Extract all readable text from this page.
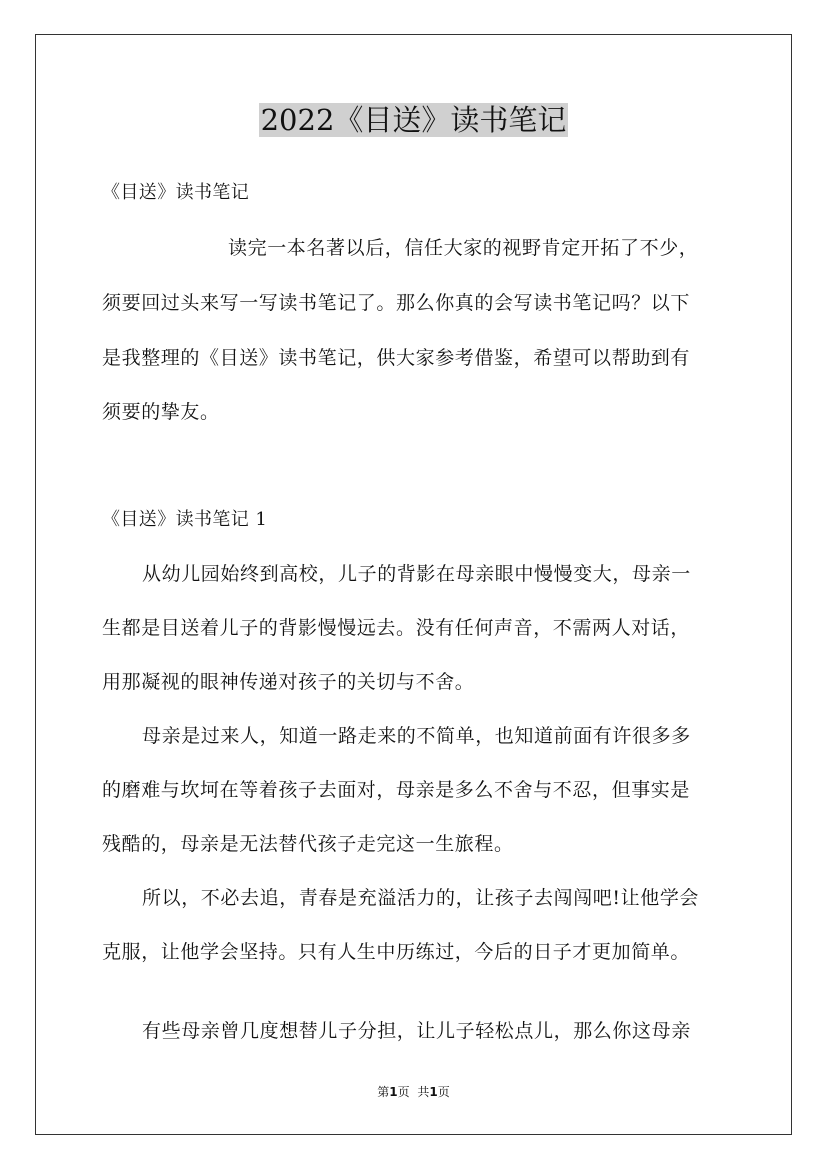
2022《目送》读书笔记
《目送》读书笔记
读完一本名著以后，信任大家的视野肯定开拓了不少，
须要回过头来写一写读书笔记了。那么你真的会写读书笔记吗？以下
是我整理的《目送》读书笔记，供大家参考借鉴，希望可以帮助到有
须要的挚友。
《目送》读书笔记 1
从幼儿园始终到高校，儿子的背影在母亲眼中慢慢变大，母亲一
生都是目送着儿子的背影慢慢远去。没有任何声音，不需两人对话，
用那凝视的眼神传递对孩子的关切与不舍。
母亲是过来人，知道一路走来的不简单，也知道前面有许很多多
的磨难与坎坷在等着孩子去面对，母亲是多么不舍与不忍，但事实是
残酷的，母亲是无法替代孩子走完这一生旅程。
所以，不必去追，青春是充溢活力的，让孩子去闯闯吧!让他学会
克服，让他学会坚持。只有人生中历练过，今后的日子才更加简单。
有些母亲曾几度想替儿子分担，让儿子轻松点儿，那么你这母亲
第1页 共1页
